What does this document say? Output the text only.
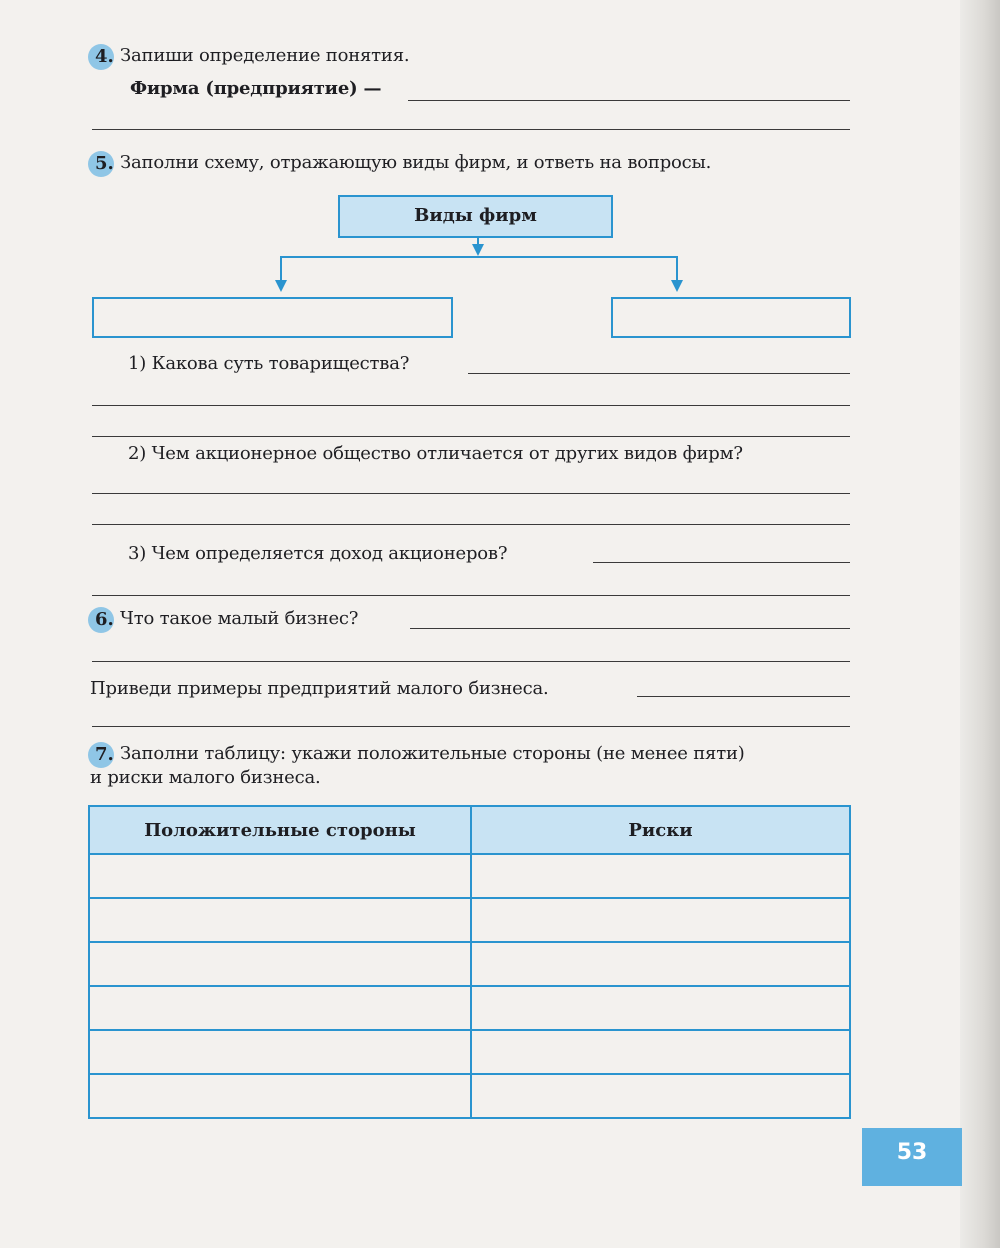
4. Запиши определение понятия.
Фирма (предприятие) —
5. Заполни схему, отражающую виды фирм, и ответь на вопросы.
Виды фирм
1) Какова суть товарищества?
2) Чем акционерное общество отличается от других видов фирм?
3) Чем определяется доход акционеров?
6. Что такое малый бизнес?
Приведи примеры предприятий малого бизнеса.
7. Заполни таблицу: укажи положительные стороны (не менее пяти)
и риски малого бизнеса.
Положительные стороны	Риски

53
